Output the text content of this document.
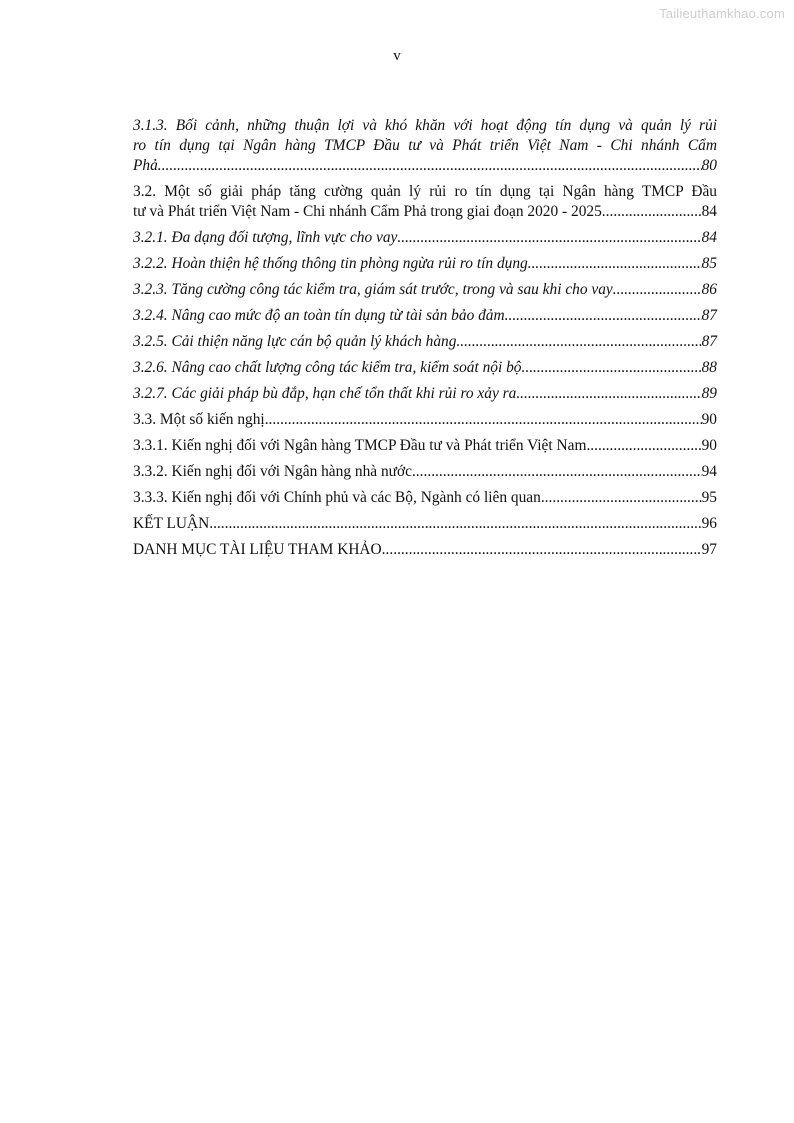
Tailieuthamkhao.com
v
3.1.3. Bối cảnh, những thuận lợi và khó khăn với hoạt động tín dụng và quản lý rủi
ro tín dụng tại Ngân hàng TMCP Đầu tư và Phát triển Việt Nam - Chi nhánh Cẩm
Phả .....	80
3.2. Một số giải pháp tăng cường quản lý rủi ro tín dụng tại Ngân hàng TMCP Đầu
tư và Phát triển Việt Nam - Chi nhánh Cẩm Phả trong giai đoạn 2020 - 2025 .....	84
3.2.1. Đa dạng đối tượng, lĩnh vực cho vay .....	84
3.2.2. Hoàn thiện hệ thống thông tin phòng ngừa rủi ro tín dụng .....	85
3.2.3. Tăng cường công tác kiểm tra, giám sát trước, trong và sau khi cho vay .....	86
3.2.4. Nâng cao mức độ an toàn tín dụng từ tài sản bảo đảm .....	87
3.2.5. Cải thiện năng lực cán bộ quản lý khách hàng .....	87
3.2.6. Nâng cao chất lượng công tác kiểm tra, kiểm soát nội bộ .....	88
3.2.7. Các giải pháp bù đắp, hạn chế tổn thất khi rủi ro xảy ra .....	89
3.3. Một số kiến nghị .....	90
3.3.1. Kiến nghị đối với Ngân hàng TMCP Đầu tư và Phát triển Việt Nam .....	90
3.3.2. Kiến nghị đối với Ngân hàng nhà nước .....	94
3.3.3. Kiến nghị đối với Chính phủ và các Bộ, Ngành có liên quan .....	95
KẾT LUẬN .....	96
DANH MỤC TÀI LIỆU THAM KHẢO .....	97
